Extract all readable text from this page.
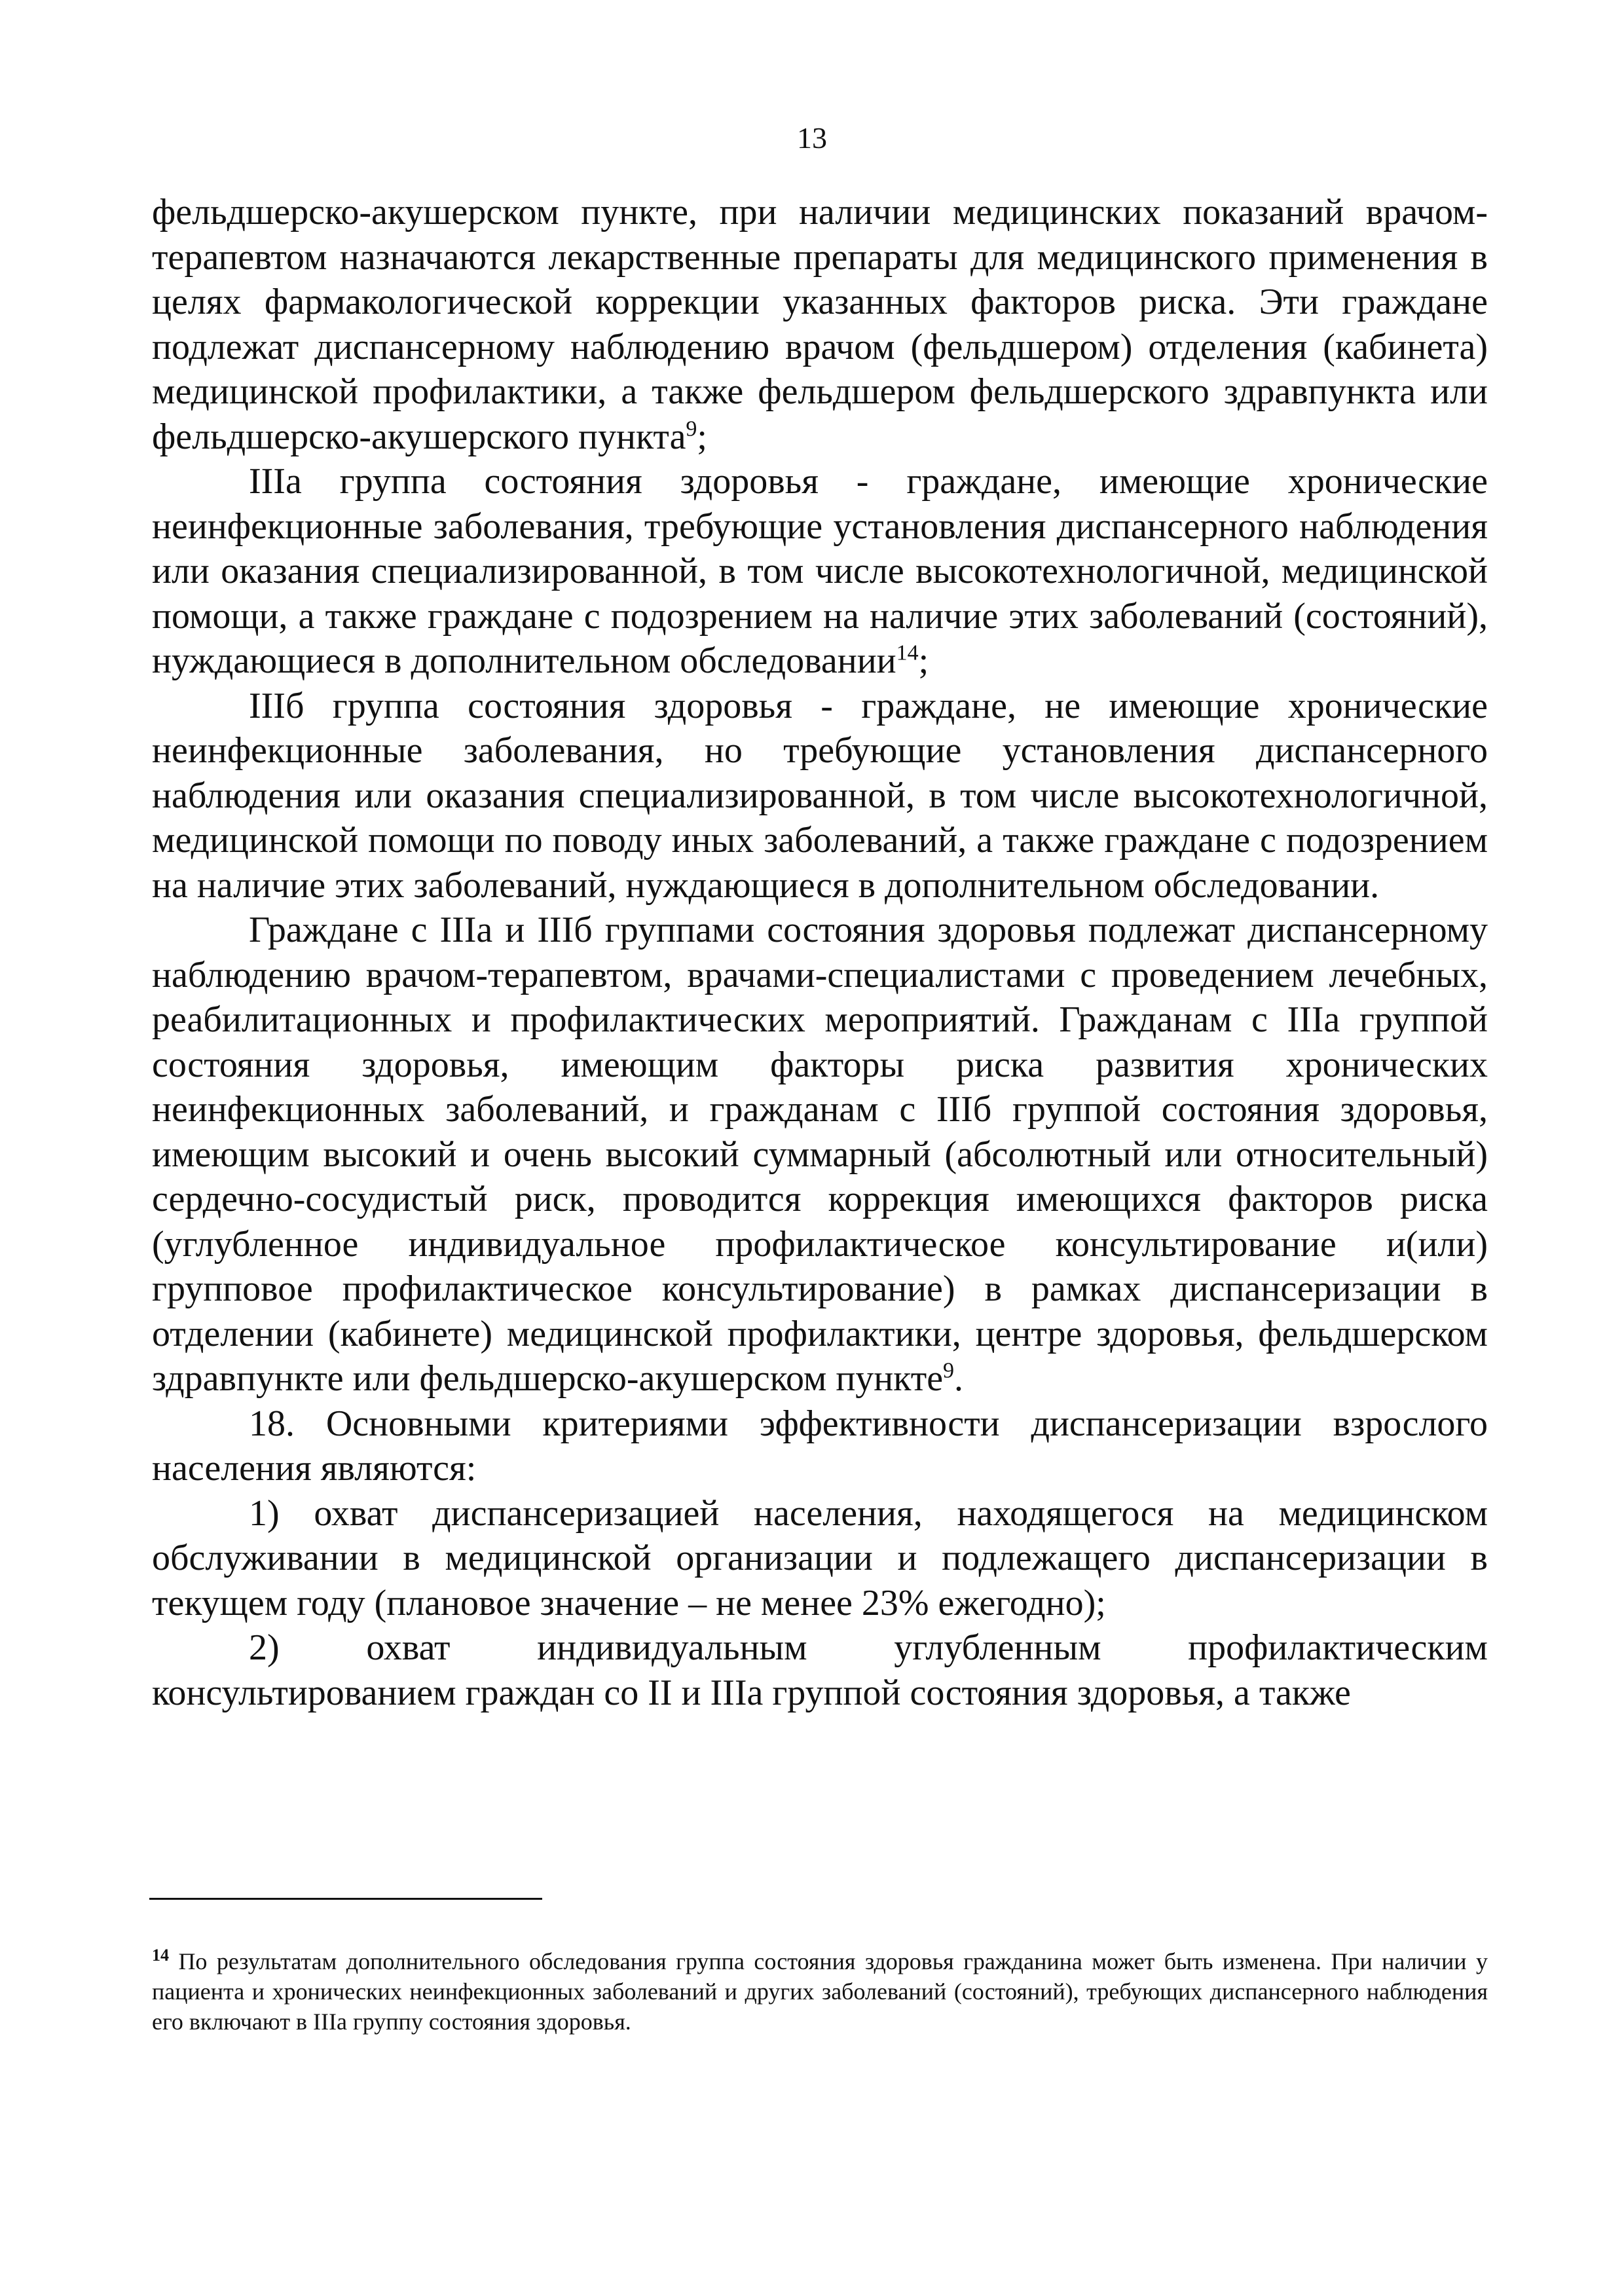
13

фельдшерско-акушерском пункте, при наличии медицинских показаний врачом-терапевтом назначаются лекарственные препараты для медицинского применения в целях фармакологической коррекции указанных факторов риска. Эти граждане подлежат диспансерному наблюдению врачом (фельдшером) отделения (кабинета) медицинской профилактики, а также фельдшером фельдшерского здравпункта или фельдшерско-акушерского пункта$^9$;

IIIа группа состояния здоровья - граждане, имеющие хронические неинфекционные заболевания, требующие установления диспансерного наблюдения или оказания специализированной, в том числе высокотехнологичной, медицинской помощи, а также граждане с подозрением на наличие этих заболеваний (состояний), нуждающиеся в дополнительном обследовании$^{14}$;

IIIб группа состояния здоровья - граждане, не имеющие хронические неинфекционные заболевания, но требующие установления диспансерного наблюдения или оказания специализированной, в том числе высокотехнологичной, медицинской помощи по поводу иных заболеваний, а также граждане с подозрением на наличие этих заболеваний, нуждающиеся в дополнительном обследовании.

Граждане с IIIа и IIIб группами состояния здоровья подлежат диспансерному наблюдению врачом-терапевтом, врачами-специалистами с проведением лечебных, реабилитационных и профилактических мероприятий. Гражданам с IIIа группой состояния здоровья, имеющим факторы риска развития хронических неинфекционных заболеваний, и гражданам с IIIб группой состояния здоровья, имеющим высокий и очень высокий суммарный (абсолютный или относительный) сердечно-сосудистый риск, проводится коррекция имеющихся факторов риска (углубленное индивидуальное профилактическое консультирование и(или) групповое профилактическое консультирование) в рамках диспансеризации в отделении (кабинете) медицинской профилактики, центре здоровья, фельдшерском здравпункте или фельдшерско-акушерском пункте$^9$.

18. Основными критериями эффективности диспансеризации взрослого населения являются:

1) охват диспансеризацией населения, находящегося на медицинском обслуживании в медицинской организации и подлежащего диспансеризации в текущем году (плановое значение – не менее 23% ежегодно);

2) охват индивидуальным углубленным профилактическим консультированием граждан со II и IIIа группой состояния здоровья, а также

$^{14}$ По результатам дополнительного обследования группа состояния здоровья гражданина может быть изменена. При наличии у пациента и хронических неинфекционных заболеваний и других заболеваний (состояний), требующих диспансерного наблюдения его включают в IIIа группу состояния здоровья.
